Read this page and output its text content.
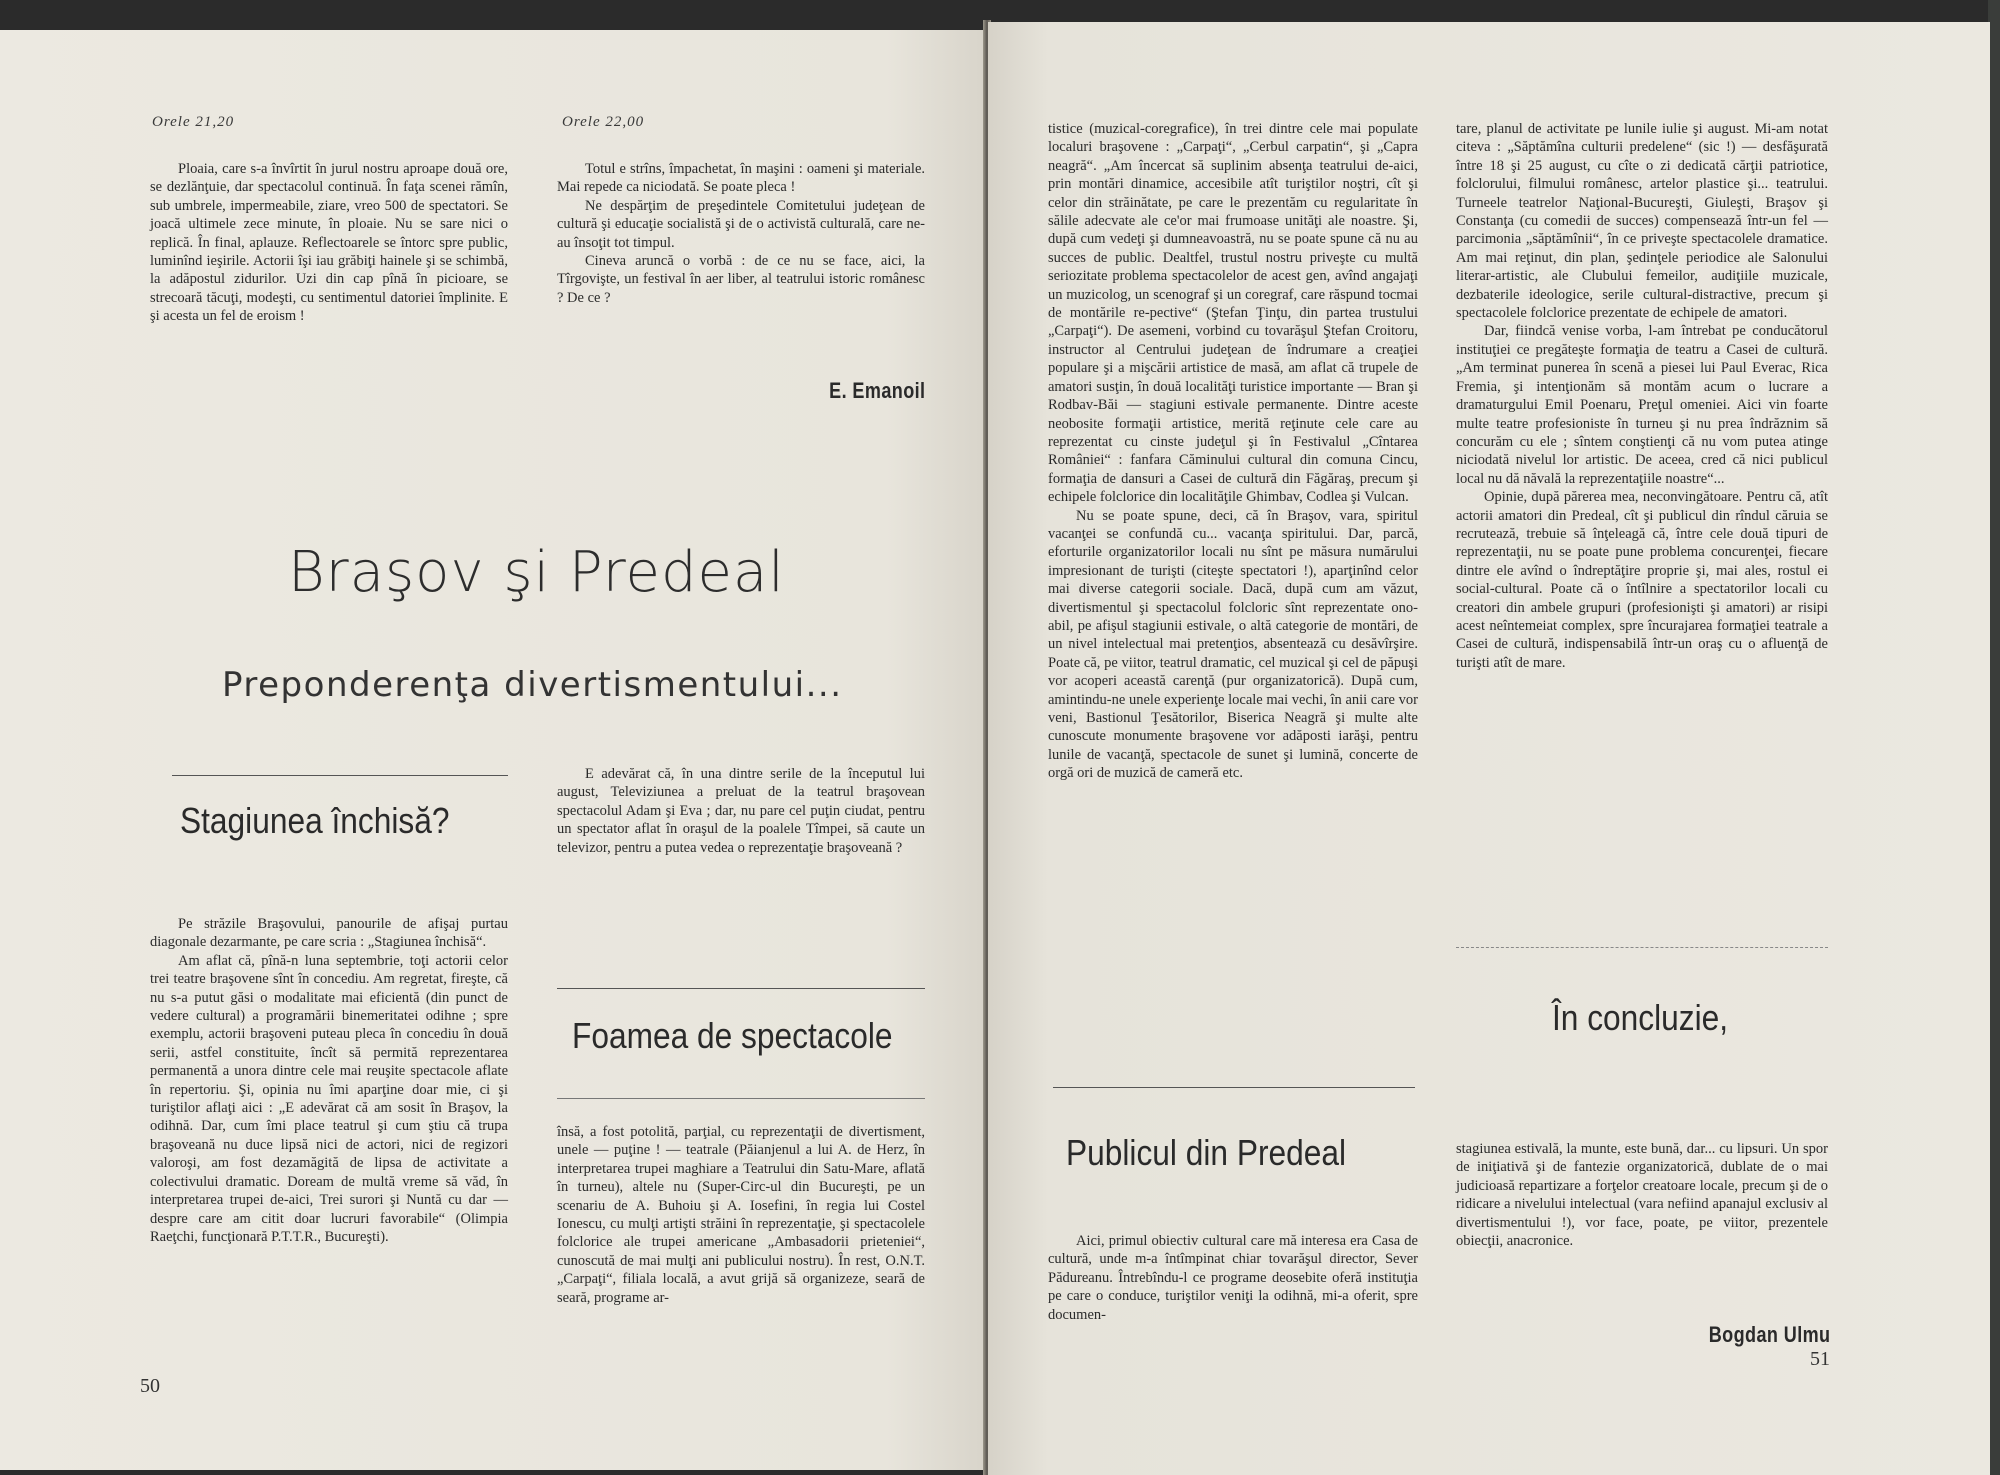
Orele 21,20	Orele 22,00

Ploaia, care s-a învîrtit în jurul nostru aproape două ore, se dezlănţuie, dar spectacolul continuă. În faţa scenei rămîn, sub umbrele, impermeabile, ziare, vreo 500 de spectatori. Se joacă ultimele zece minute, în ploaie. Nu se sare nici o replică. În final, aplauze. Reflectoarele se întorc spre public, luminînd ieşirile. Actorii îşi iau grăbiţi hainele şi se schimbă, la adăpostul zidurilor. Uzi din cap pînă în picioare, se strecoară tăcuţi, modeşti, cu sentimentul datoriei împlinite. E şi acesta un fel de eroism !

Totul e strîns, împachetat, în maşini : oameni şi materiale. Mai repede ca niciodată. Se poate pleca !

Ne despărţim de preşedintele Comitetului judeţean de cultură şi educaţie socialistă şi de o activistă culturală, care ne-au însoţit tot timpul.

Cineva aruncă o vorbă : de ce nu se face, aici, la Tîrgovişte, un festival în aer liber, al teatrului istoric românesc ? De ce ?

E. Emanoil
Braşov şi Predeal
Preponderenţa divertismentului...
Stagiunea închisă?

Pe străzile Braşovului, panourile de afişaj purtau diagonale dezarmante, pe care scria : „Stagiunea închisă“.

Am aflat că, pînă-n luna septembrie, toţi actorii celor trei teatre braşovene sînt în concediu. Am regretat, fireşte, că nu s-a putut găsi o modalitate mai eficientă (din punct de vedere cultural) a programării binemeritatei odihne ; spre exemplu, actorii braşoveni puteau pleca în concediu în două serii, astfel constituite, încît să permită reprezentarea permanentă a unora dintre cele mai reuşite spectacole aflate în repertoriu. Şi, opinia nu îmi aparţine doar mie, ci şi turiştilor aflaţi aici : „E adevărat că am sosit în Braşov, la odihnă. Dar, cum îmi place teatrul şi cum ştiu că trupa braşoveană nu duce lipsă nici de actori, nici de regizori valoroşi, am fost dezamăgită de lipsa de activitate a colectivului dramatic. Doream de multă vreme să văd, în interpretarea trupei de-aici, Trei surori şi Nuntă cu dar — despre care am citit doar lucruri favorabile“ (Olimpia Raeţchi, funcţionară P.T.T.R., Bucureşti).

E adevărat că, în una dintre serile de la începutul lui august, Televiziunea a preluat de la teatrul braşovean spectacolul Adam şi Eva ; dar, nu pare cel puţin ciudat, pentru un spectator aflat în oraşul de la poalele Tîmpei, să caute un televizor, pentru a putea vedea o reprezentaţie braşoveană ?

Foamea de spectacole

însă, a fost potolită, parţial, cu reprezentaţii de divertisment, unele — puţine ! — teatrale (Păianjenul a lui A. de Herz, în interpretarea trupei maghiare a Teatrului din Satu-Mare, aflată în turneu), altele nu (Super-Circ-ul din Bucureşti, pe un scenariu de A. Buhoiu şi A. Iosefini, în regia lui Costel Ionescu, cu mulţi artişti străini în reprezentaţie, şi spectacolele folclorice ale trupei americane „Ambasadorii prieteniei“, cunoscută de mai mulţi ani publicului nostru). În rest, O.N.T. „Carpaţi“, filiala locală, a avut grijă să organizeze, seară de seară, programe ar-

50

tistice (muzical-coregrafice), în trei dintre cele mai populate localuri braşovene : „Carpaţi“, „Cerbul carpatin“, şi „Capra neagră“. „Am încercat să suplinim absenţa teatrului de-aici, prin montări dinamice, accesibile atît turiştilor noştri, cît şi celor din străinătate, pe care le prezentăm cu regularitate în sălile adecvate ale ce'or mai frumoase unităţi ale noastre. Şi, după cum vedeţi şi dumneavoastră, nu se poate spune că nu au succes de public. Dealtfel, trustul nostru priveşte cu multă seriozitate problema spectacolelor de acest gen, avînd angajaţi un muzicolog, un scenograf şi un coregraf, care răspund tocmai de montările re-pective“ (Ştefan Ţinţu, din partea trustului „Carpaţi“). De asemeni, vorbind cu tovarăşul Ştefan Croitoru, instructor al Centrului judeţean de îndrumare a creaţiei populare şi a mişcării artistice de masă, am aflat că trupele de amatori susţin, în două localităţi turistice importante — Bran şi Rodbav-Băi — stagiuni estivale permanente. Dintre aceste neobosite formaţii artistice, merită reţinute cele care au reprezentat cu cinste judeţul şi în Festivalul „Cîntarea României“ : fanfara Căminului cultural din comuna Cincu, formaţia de dansuri a Casei de cultură din Făgăraş, precum şi echipele folclorice din localităţile Ghimbav, Codlea şi Vulcan.

Nu se poate spune, deci, că în Braşov, vara, spiritul vacanţei se confundă cu... vacanţa spiritului. Dar, parcă, eforturile organizatorilor locali nu sînt pe măsura numărului impresionant de turişti (citeşte spectatori !), aparţinînd celor mai diverse categorii sociale. Dacă, după cum am văzut, divertismentul şi spectacolul folcloric sînt reprezentate ono-abil, pe afişul stagiunii estivale, o altă categorie de montări, de un nivel intelectual mai pretenţios, absentează cu desăvîrşire. Poate că, pe viitor, teatrul dramatic, cel muzical şi cel de păpuşi vor acoperi această carenţă (pur organizatorică). După cum, amintindu-ne unele experienţe locale mai vechi, în anii care vor veni, Bastionul Ţesătorilor, Biserica Neagră şi multe alte cunoscute monumente braşovene vor adăposti iarăşi, pentru lunile de vacanţă, spectacole de sunet şi lumină, concerte de orgă ori de muzică de cameră etc.

Publicul din Predeal

Aici, primul obiectiv cultural care mă interesa era Casa de cultură, unde m-a întîmpinat chiar tovarăşul director, Sever Pădureanu. Întrebîndu-l ce programe deosebite oferă instituţia pe care o conduce, turiştilor veniţi la odihnă, mi-a oferit, spre documen-

tare, planul de activitate pe lunile iulie şi august. Mi-am notat citeva : „Săptămîna culturii predelene“ (sic !) — desfăşurată între 18 şi 25 august, cu cîte o zi dedicată cărţii patriotice, folclorului, filmului românesc, artelor plastice şi... teatrului. Turneele teatrelor Naţional-Bucureşti, Giuleşti, Braşov şi Constanţa (cu comedii de succes) compensează într-un fel — parcimonia „săptămînii“, în ce priveşte spectacolele dramatice. Am mai reţinut, din plan, şedinţele periodice ale Salonului literar-artistic, ale Clubului femeilor, audiţiile muzicale, dezbaterile ideologice, serile cultural-distractive, precum şi spectacolele folclorice prezentate de echipele de amatori.

Dar, fiindcă venise vorba, l-am întrebat pe conducătorul instituţiei ce pregăteşte formaţia de teatru a Casei de cultură. „Am terminat punerea în scenă a piesei lui Paul Everac, Rica Fremia, şi intenţionăm să montăm acum o lucrare a dramaturgului Emil Poenaru, Preţul omeniei. Aici vin foarte multe teatre profesioniste în turneu şi nu prea îndrăznim să concurăm cu ele ; sîntem conştienţi că nu vom putea atinge niciodată nivelul lor artistic. De aceea, cred că nici publicul local nu dă năvală la reprezentaţiile noastre“...

Opinie, după părerea mea, neconvingătoare. Pentru că, atît actorii amatori din Predeal, cît şi publicul din rîndul căruia se recrutează, trebuie să înţeleagă că, între cele două tipuri de reprezentaţii, nu se poate pune problema concurenţei, fiecare dintre ele avînd o îndreptăţire proprie şi, mai ales, rostul ei social-cultural. Poate că o întîlnire a spectatorilor locali cu creatori din ambele grupuri (profesionişti şi amatori) ar risipi acest neîntemeiat complex, spre încurajarea formaţiei teatrale a Casei de cultură, indispensabilă într-un oraş cu o afluenţă de turişti atît de mare.

În concluzie,

stagiunea estivală, la munte, este bună, dar... cu lipsuri. Un spor de iniţiativă şi de fantezie organizatorică, dublate de o mai judicioasă repartizare a forţelor creatoare locale, precum şi de o ridicare a nivelului intelectual (vara nefiind apanajul exclusiv al divertismentului !), vor face, poate, pe viitor, prezentele obiecţii, anacronice.

Bogdan Ulmu
51
